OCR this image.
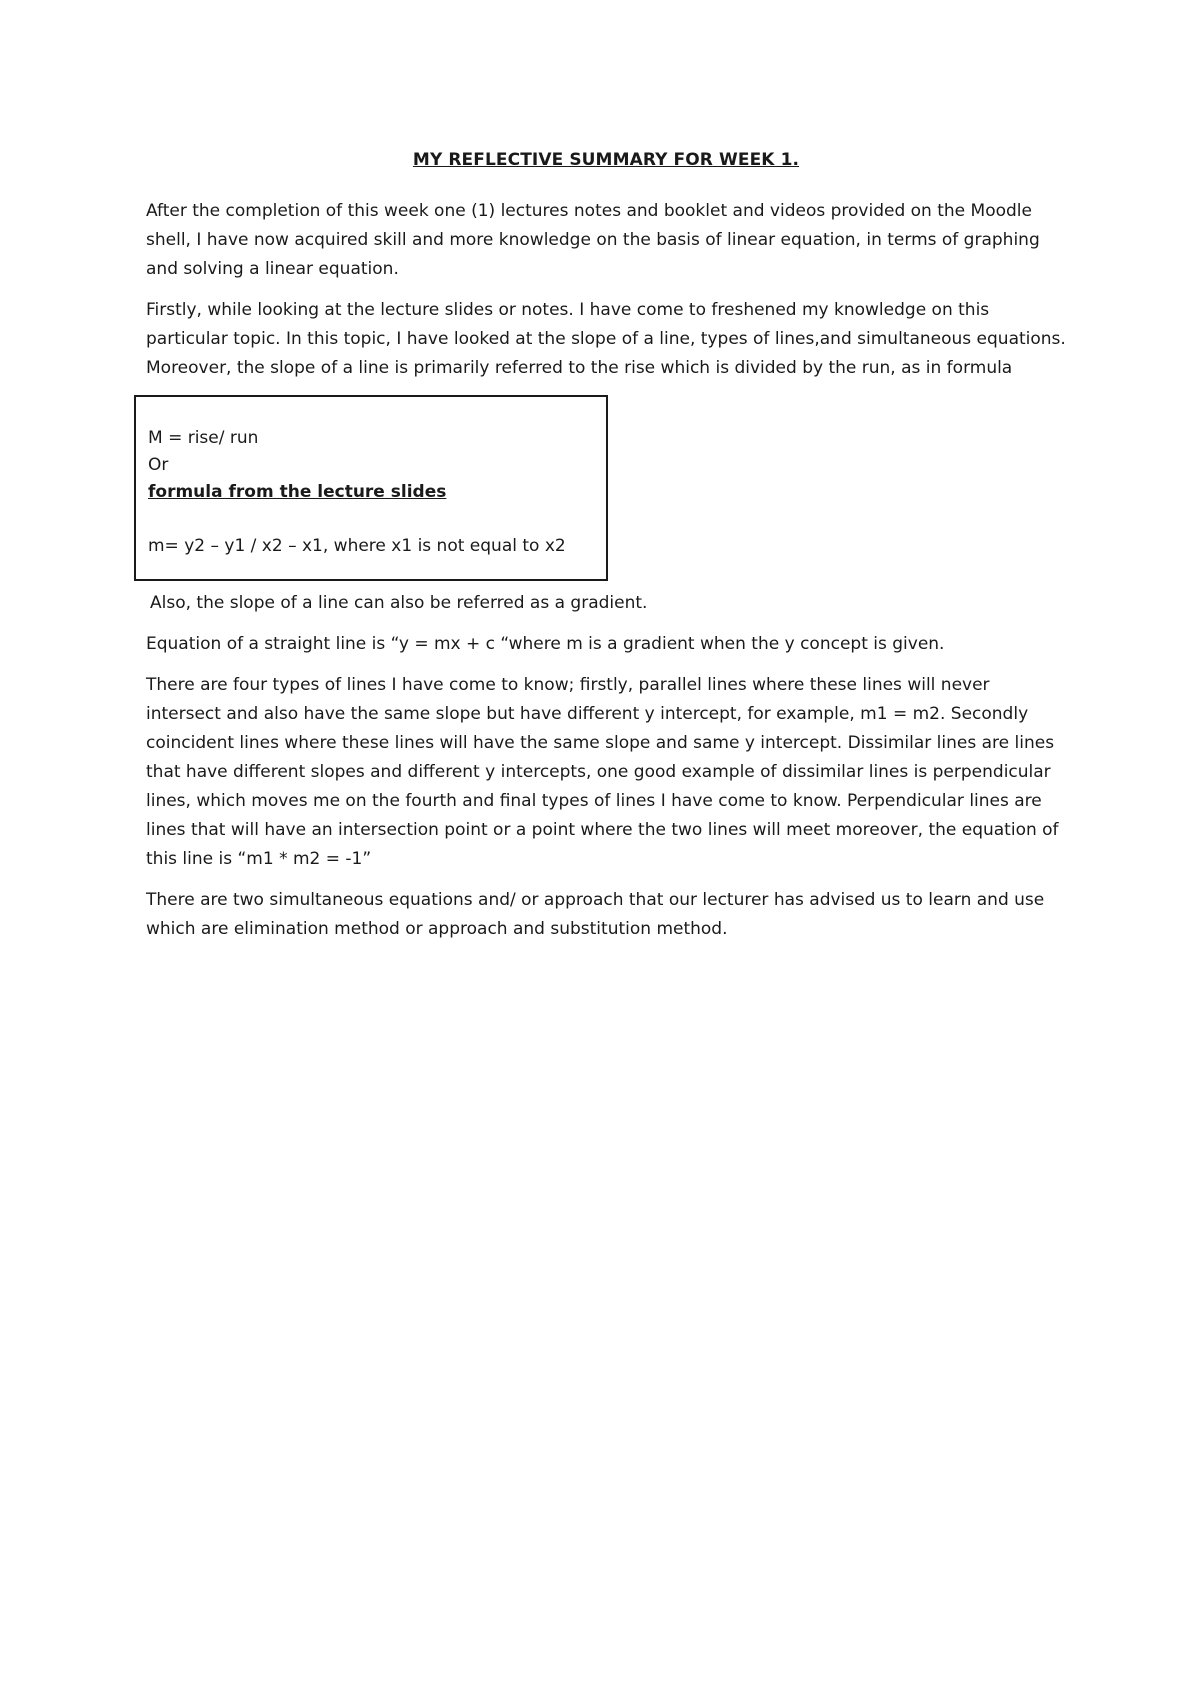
MY REFLECTIVE SUMMARY FOR WEEK 1.

After the completion of this week one (1) lectures notes and booklet and videos provided on the Moodle shell, I have now acquired skill and more knowledge on the basis of linear equation, in terms of graphing and solving a linear equation.

Firstly, while looking at the lecture slides or notes. I have come to freshened my knowledge on this particular topic. In this topic, I have looked at the slope of a line, types of lines,and simultaneous equations. Moreover, the slope of a line is primarily referred to the rise which is divided by the run, as in formula

M = rise/ run
Or
formula from the lecture slides
m= y2 – y1 / x2 – x1, where x1 is not equal to x2

Also, the slope of a line can also be referred as a gradient.

Equation of a straight line is “y = mx + c “where m is a gradient when the y concept is given.

There are four types of lines I have come to know; firstly, parallel lines where these lines will never intersect and also have the same slope but have different y intercept, for example, m1 = m2. Secondly coincident lines where these lines will have the same slope and same y intercept. Dissimilar lines are lines that have different slopes and different y intercepts, one good example of dissimilar lines is perpendicular lines, which moves me on the fourth and final types of lines I have come to know. Perpendicular lines are lines that will have an intersection point or a point where the two lines will meet moreover, the equation of this line is “m1 * m2 = -1”

There are two simultaneous equations and/ or approach that our lecturer has advised us to learn and use which are elimination method or approach and substitution method.
